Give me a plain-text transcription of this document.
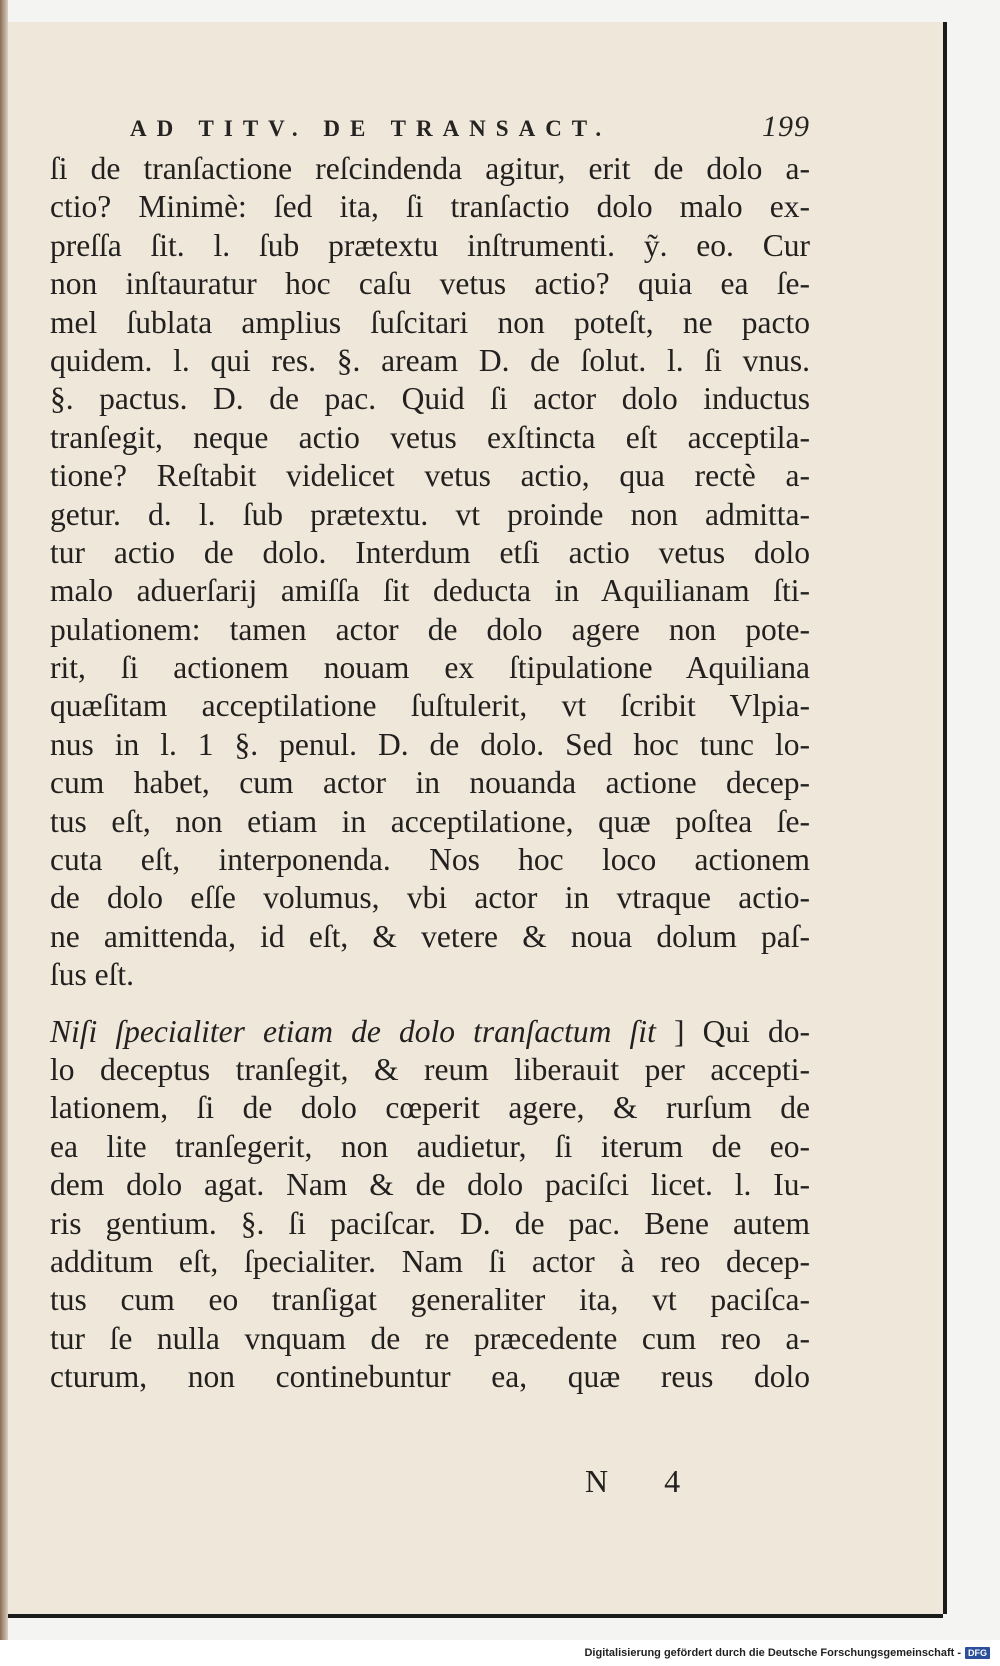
AD TITV. DE TRANSACT.	199
ſi de tranſactione reſcindenda agitur, erit de dolo a-
ctio? Minimè: ſed ita, ſi tranſactio dolo malo ex-
preſſa ſit. l. ſub prætextu inſtrumenti. ỹ. eo. Cur
non inſtauratur hoc caſu vetus actio? quia ea ſe-
mel ſublata amplius ſuſcitari non poteſt, ne pacto
quidem. l. qui res. §. aream D. de ſolut. l. ſi vnus.
§. pactus. D. de pac. Quid ſi actor dolo inductus
tranſegit, neque actio vetus exſtincta eſt acceptila-
tione? Reſtabit videlicet vetus actio, qua rectè a-
getur. d. l. ſub prætextu. vt proinde non admitta-
tur actio de dolo. Interdum etſi actio vetus dolo
malo aduerſarij amiſſa ſit deducta in Aquilianam ſti-
pulationem: tamen actor de dolo agere non pote-
rit, ſi actionem nouam ex ſtipulatione Aquiliana
quæſitam acceptilatione ſuſtulerit, vt ſcribit Vlpia-
nus in l. 1 §. penul. D. de dolo. Sed hoc tunc lo-
cum habet, cum actor in nouanda actione decep-
tus eſt, non etiam in acceptilatione, quæ poſtea ſe-
cuta eſt, interponenda. Nos hoc loco actionem
de dolo eſſe volumus, vbi actor in vtraque actio-
ne amittenda, id eſt, & vetere & noua dolum paſ-
ſus eſt.
Niſi ſpecialiter etiam de dolo tranſactum ſit ] Qui do-
lo deceptus tranſegit, & reum liberauit per accepti-
lationem, ſi de dolo cœperit agere, & rurſum de
ea lite tranſegerit, non audietur, ſi iterum de eo-
dem dolo agat. Nam & de dolo paciſci licet. l. Iu-
ris gentium. §. ſi paciſcar. D. de pac. Bene autem
additum eſt, ſpecialiter. Nam ſi actor à reo decep-
tus cum eo tranſigat generaliter ita, vt paciſca-
tur ſe nulla vnquam de re præcedente cum reo a-
cturum, non continebuntur ea, quæ reus dolo
N 4
Digitalisierung gefördert durch die Deutsche Forschungsgemeinschaft - DFG
